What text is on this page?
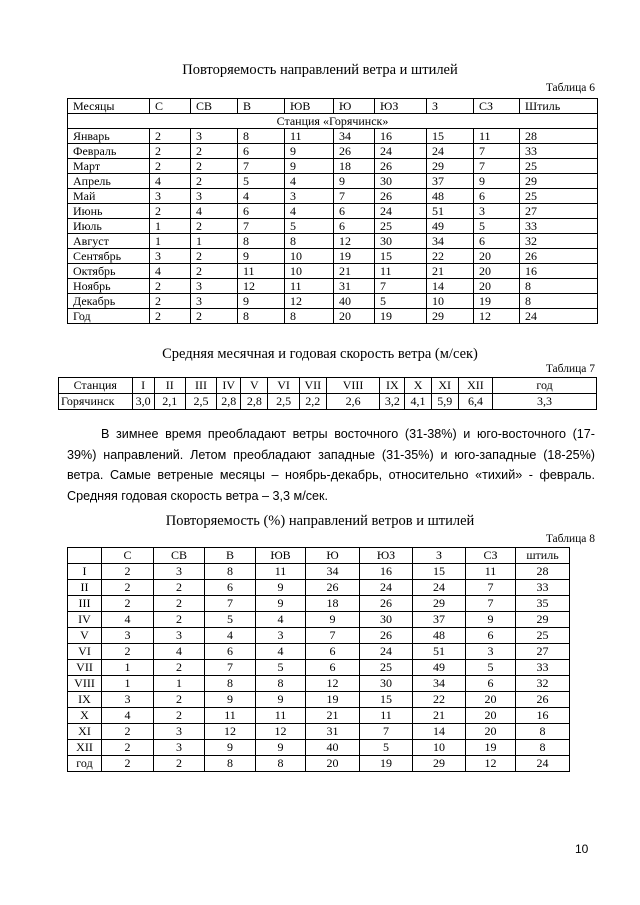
Повторяемость направлений ветра и штилей
Таблица 6
Месяцы	С	СВ	В	ЮВ	Ю	ЮЗ	З	СЗ	Штиль
Станция «Горячинск»									
Январь	2	3	8	11	34	16	15	11	28
Февраль	2	2	6	9	26	24	24	7	33
Март	2	2	7	9	18	26	29	7	25
Апрель	4	2	5	4	9	30	37	9	29
Май	3	3	4	3	7	26	48	6	25
Июнь	2	4	6	4	6	24	51	3	27
Июль	1	2	7	5	6	25	49	5	33
Август	1	1	8	8	12	30	34	6	32
Сентябрь	3	2	9	10	19	15	22	20	26
Октябрь	4	2	11	10	21	11	21	20	16
Ноябрь	2	3	12	11	31	7	14	20	8
Декабрь	2	3	9	12	40	5	10	19	8
Год	2	2	8	8	20	19	29	12	24
Средняя месячная и годовая скорость ветра (м/сек)
Таблица 7
Станция	I	II	III	IV	V	VI	VII	VIII	IX	X	XI	XII	год
Горячинск	3,0	2,1	2,5	2,8	2,8	2,5	2,2	2,6	3,2	4,1	5,9	6,4	3,3
В зимнее время преобладают ветры восточного (31-38%) и юго-восточного (17-39%) направлений. Летом преобладают западные (31-35%) и юго-западные (18-25%) ветра. Самые ветреные месяцы – ноябрь-декабрь, относительно «тихий» - февраль. Средняя годовая скорость ветра – 3,3 м/сек.
Повторяемость (%) направлений ветров и штилей
Таблица 8
	С	СВ	В	ЮВ	Ю	ЮЗ	З	СЗ	штиль
I	2	3	8	11	34	16	15	11	28
II	2	2	6	9	26	24	24	7	33
III	2	2	7	9	18	26	29	7	35
IV	4	2	5	4	9	30	37	9	29
V	3	3	4	3	7	26	48	6	25
VI	2	4	6	4	6	24	51	3	27
VII	1	2	7	5	6	25	49	5	33
VIII	1	1	8	8	12	30	34	6	32
IX	3	2	9	9	19	15	22	20	26
X	4	2	11	11	21	11	21	20	16
XI	2	3	12	12	31	7	14	20	8
XII	2	3	9	9	40	5	10	19	8
год	2	2	8	8	20	19	29	12	24
10
